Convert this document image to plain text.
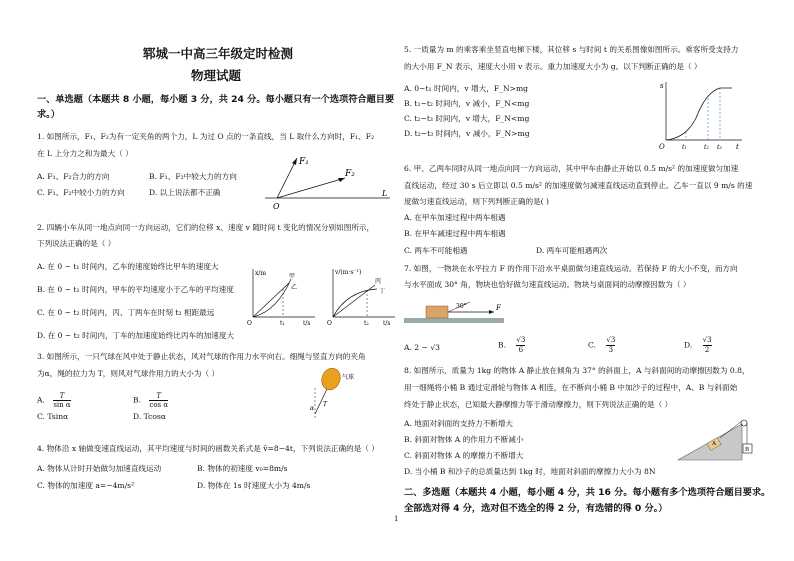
郓城一中高三年级定时检测
物理试题
一、单选题（本题共 8 小题，每小题 3 分，共 24 分。每小题只有一个选项符合题目要
求。）
1. 如图所示，F₁、F₂为有一定夹角的两个力，L 为过 O 点的一条直线，当 L 取什么方向时，F₁、F₂
在 L 上分力之和为最大（ ）
A. F₁、F₂合力的方向	B. F₁、F₂中较大力的方向
C. F₁、F₂中较小力的方向	D. 以上说法都不正确
F₁
F₂
O
L
2. 四辆小车从同一地点向同一方向运动，它们的位移 x、速度 v 随时间 t 变化的情况分别如图所示，
下列说法正确的是（ ）
A. 在 0 ~ t₁ 时间内，乙车的速度始终比甲车的速度大
B. 在 0 ~ t₁ 时间内，甲车的平均速度小于乙车的平均速度
C. 在 0 ~ t₂ 时间内，丙、丁两车在时刻 t₂ 相距最远
D. 在 0 ~ t₂ 时间内，丁车的加速度始终比丙车的加速度大
x/m
t/s
O	t₁
甲
乙
v/(m·s⁻¹)
t/s
O	t₂
丙
丁
3. 如图所示，一只气球在风中处于静止状态，风对气球的作用力水平向右。细绳与竖直方向的夹角
为α，绳的拉力为 T，则风对气球作用力的大小为（ ）
A. $\frac{T}{\text{sin α}}$	B. $\frac{T}{\text{cos α}}$
C. Tsinα	D. Tcosα
气球
α
T
4. 物体沿 x 轴做变速直线运动，其平均速度与时间的函数关系式是 v̄=8−4t，下列说法正确的是（ ）
A. 物体从计时开始做匀加速直线运动	B. 物体的初速度 v₀=8m/s
C. 物体的加速度 a=−4m/s²	D. 物体在 1s 时速度大小为 4m/s
5. 一质量为 m 的乘客乘坐竖直电梯下楼，其位移 s 与时间 t 的关系图像如图所示。乘客所受支持力
的大小用 F_N 表示，速度大小用 v 表示。重力加速度大小为 g。以下判断正确的是（ ）
A. 0~t₁ 时间内，v 增大，F_N>mg
B. t₁~t₂ 时间内，v 减小，F_N<mg
C. t₂~t₃ 时间内，v 增大，F_N<mg
D. t₂~t₃ 时间内，v 减小，F_N>mg
s
t
O	t₁	t₂ t₃
6. 甲、乙两车同时从同一地点向同一方向运动，其中甲车由静止开始以 0.5 m/s² 的加速度做匀加速
直线运动，经过 30 s 后立即以 0.5 m/s² 的加速度做匀减速直线运动直到停止。乙车一直以 9 m/s 的速
度做匀速直线运动，则下列判断正确的是( )
A. 在甲车加速过程中两车相遇
B. 在甲车减速过程中两车相遇
C. 两车不可能相遇	D. 两车可能相遇两次
7. 如图，一物块在水平拉力 F 的作用下沿水平桌面做匀速直线运动。若保持 F 的大小不变，而方向
与水平面成 30° 角，物块也恰好做匀速直线运动。物块与桌面间的动摩擦因数为（ ）
30°	F
A. 2 − √3	B. $\frac{√3}{6}$	C. $\frac{√3}{3}$	D. $\frac{√3}{2}$
8. 如图所示，质量为 1kg 的物体 A 静止放在倾角为 37° 的斜面上，A 与斜面间的动摩擦因数为 0.8，
用一细绳将小桶 B 通过定滑轮与物体 A 相连，在不断向小桶 B 中加沙子的过程中，A、B 与斜面始
终处于静止状态，已知最大静摩擦力等于滑动摩擦力，则下列说法正确的是（ ）
A. 地面对斜面的支持力不断增大
B. 斜面对物体 A 的作用力不断减小
C. 斜面对物体 A 的摩擦力不断增大
D. 当小桶 B 和沙子的总质量达到 1kg 时，地面对斜面的摩擦力大小为 8N
A
B
二、多选题（本题共 4 小题，每小题 4 分，共 16 分。每小题有多个选项符合题目要求。
全部选对得 4 分，选对但不选全的得 2 分，有选错的得 0 分。）
1
